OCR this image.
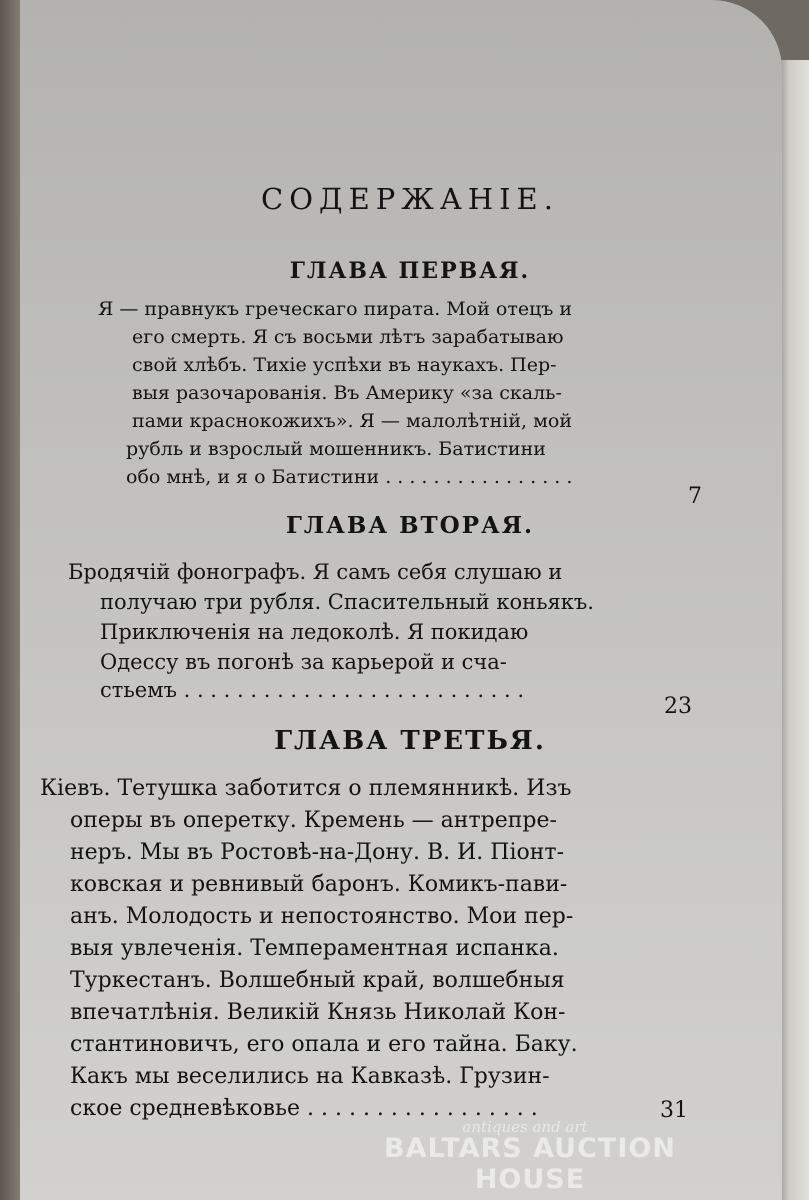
СОДЕРЖАНІЕ.
ГЛАВА ПЕРВАЯ.
Я — правнукъ греческаго пирата. Мой отецъ и
его смерть. Я съ восьми лѣтъ зарабатываю
свой хлѣбъ. Тихіе успѣхи въ наукахъ. Пер-
выя разочарованія. Въ Америку «за скаль-
пами краснокожихъ». Я — малолѣтній, мой
рубль и взрослый мошенникъ. Батистини
обо мнѣ, и я о Батистини . . . . . . . . . . . . . . . .
7
ГЛАВА ВТОРАЯ.
Бродячій фонографъ. Я самъ себя слушаю и
получаю три рубля. Спасительный коньякъ.
Приключенія на ледоколѣ. Я покидаю
Одессу въ погонѣ за карьерой и сча-
стьемъ . . . . . . . . . . . . . . . . . . . . . . . . . .
23
ГЛАВА ТРЕТЬЯ.
Кіевъ. Тетушка заботится о племянникѣ. Изъ
оперы въ оперетку. Кремень — антрепре-
неръ. Мы въ Ростовѣ-на-Дону. В. И. Піонт-
ковская и ревнивый баронъ. Комикъ-пави-
анъ. Молодость и непостоянство. Мои пер-
выя увлеченія. Темпераментная испанка.
Туркестанъ. Волшебный край, волшебныя
впечатлѣнія. Великій Князь Николай Кон-
стантиновичъ, его опала и его тайна. Баку.
Какъ мы веселились на Кавказѣ. Грузин-
ское средневѣковье . . . . . . . . . . . . . . . . .	31
antiques and art
BALTARS AUCTION HOUSE
